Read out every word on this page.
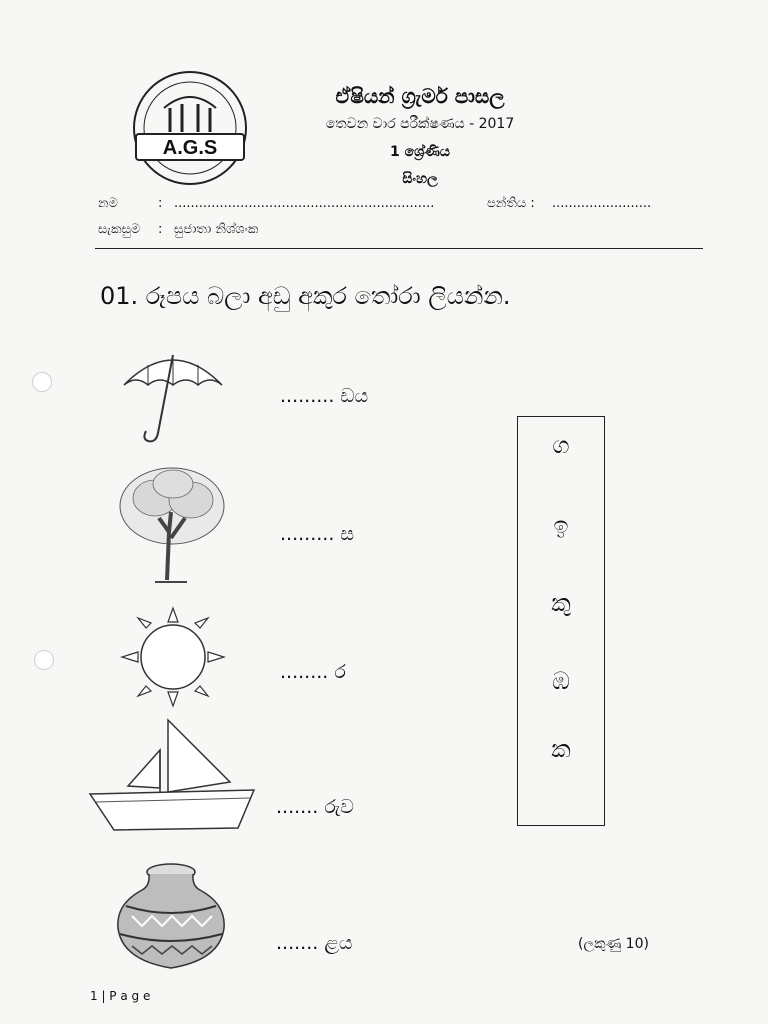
A.G.S
ඒෂියන් ග්‍රැමර් පාසල
තෙවන වාර පරීක්ෂණය - 2017
1 ශ්‍රේණිය
සිංහල
නම	: ...............................................................	පන්තිය : ........................
සැකසුම : සුජාතා නිශ්ශංක
01. රූපය බලා අඩු අකුර තෝරා ලියන්න.
......... ඩය
......... ස
........ ර
....... රුව
....... ළය
ග
ඉ
කු
ඹ
ක
(ලකුණු 10)
1 | P a g e
